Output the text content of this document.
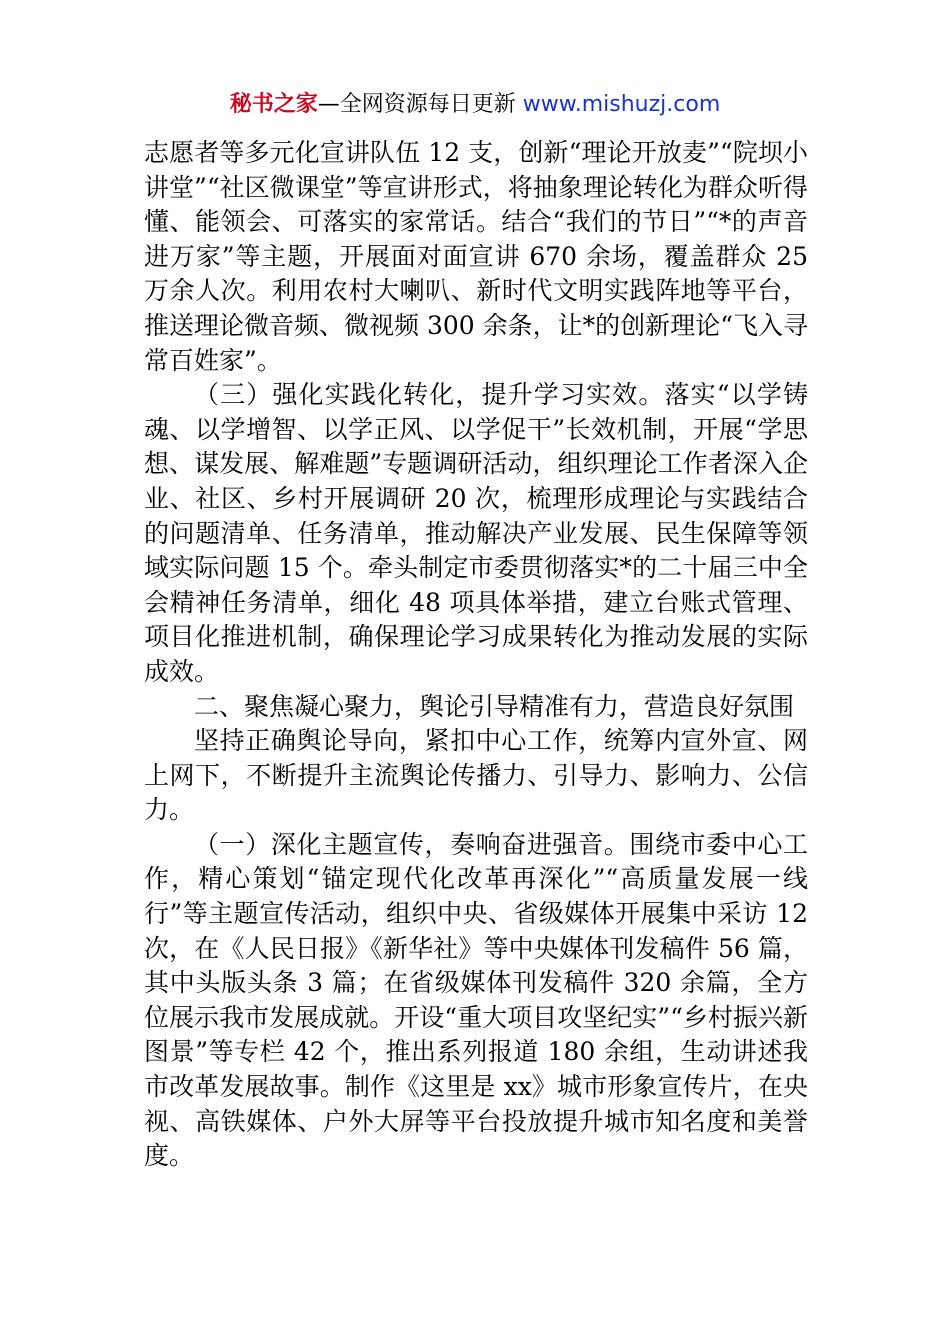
秘书之家—全网资源每日更新 www.mishuzj.com

志愿者等多元化宣讲队伍 12 支，创新“理论开放麦”“院坝小讲堂”“社区微课堂”等宣讲形式，将抽象理论转化为群众听得懂、能领会、可落实的家常话。结合“我们的节日”“*的声音进万家”等主题，开展面对面宣讲 670 余场，覆盖群众 25 万余人次。利用农村大喇叭、新时代文明实践阵地等平台，推送理论微音频、微视频 300 余条，让*的创新理论“飞入寻常百姓家”。

（三）强化实践化转化，提升学习实效。落实“以学铸魂、以学增智、以学正风、以学促干”长效机制，开展“学思想、谋发展、解难题”专题调研活动，组织理论工作者深入企业、社区、乡村开展调研 20 次，梳理形成理论与实践结合的问题清单、任务清单，推动解决产业发展、民生保障等领域实际问题 15 个。牵头制定市委贯彻落实*的二十届三中全会精神任务清单，细化 48 项具体举措，建立台账式管理、项目化推进机制，确保理论学习成果转化为推动发展的实际成效。

二、聚焦凝心聚力，舆论引导精准有力，营造良好氛围

坚持正确舆论导向，紧扣中心工作，统筹内宣外宣、网上网下，不断提升主流舆论传播力、引导力、影响力、公信力。

（一）深化主题宣传，奏响奋进强音。围绕市委中心工作，精心策划“锚定现代化改革再深化”“高质量发展一线行”等主题宣传活动，组织中央、省级媒体开展集中采访 12 次，在《人民日报》《新华社》等中央媒体刊发稿件 56 篇，其中头版头条 3 篇；在省级媒体刊发稿件 320 余篇，全方位展示我市发展成就。开设“重大项目攻坚纪实”“乡村振兴新图景”等专栏 42 个，推出系列报道 180 余组，生动讲述我市改革发展故事。制作《这里是 xx》城市形象宣传片，在央视、高铁媒体、户外大屏等平台投放提升城市知名度和美誉度。
